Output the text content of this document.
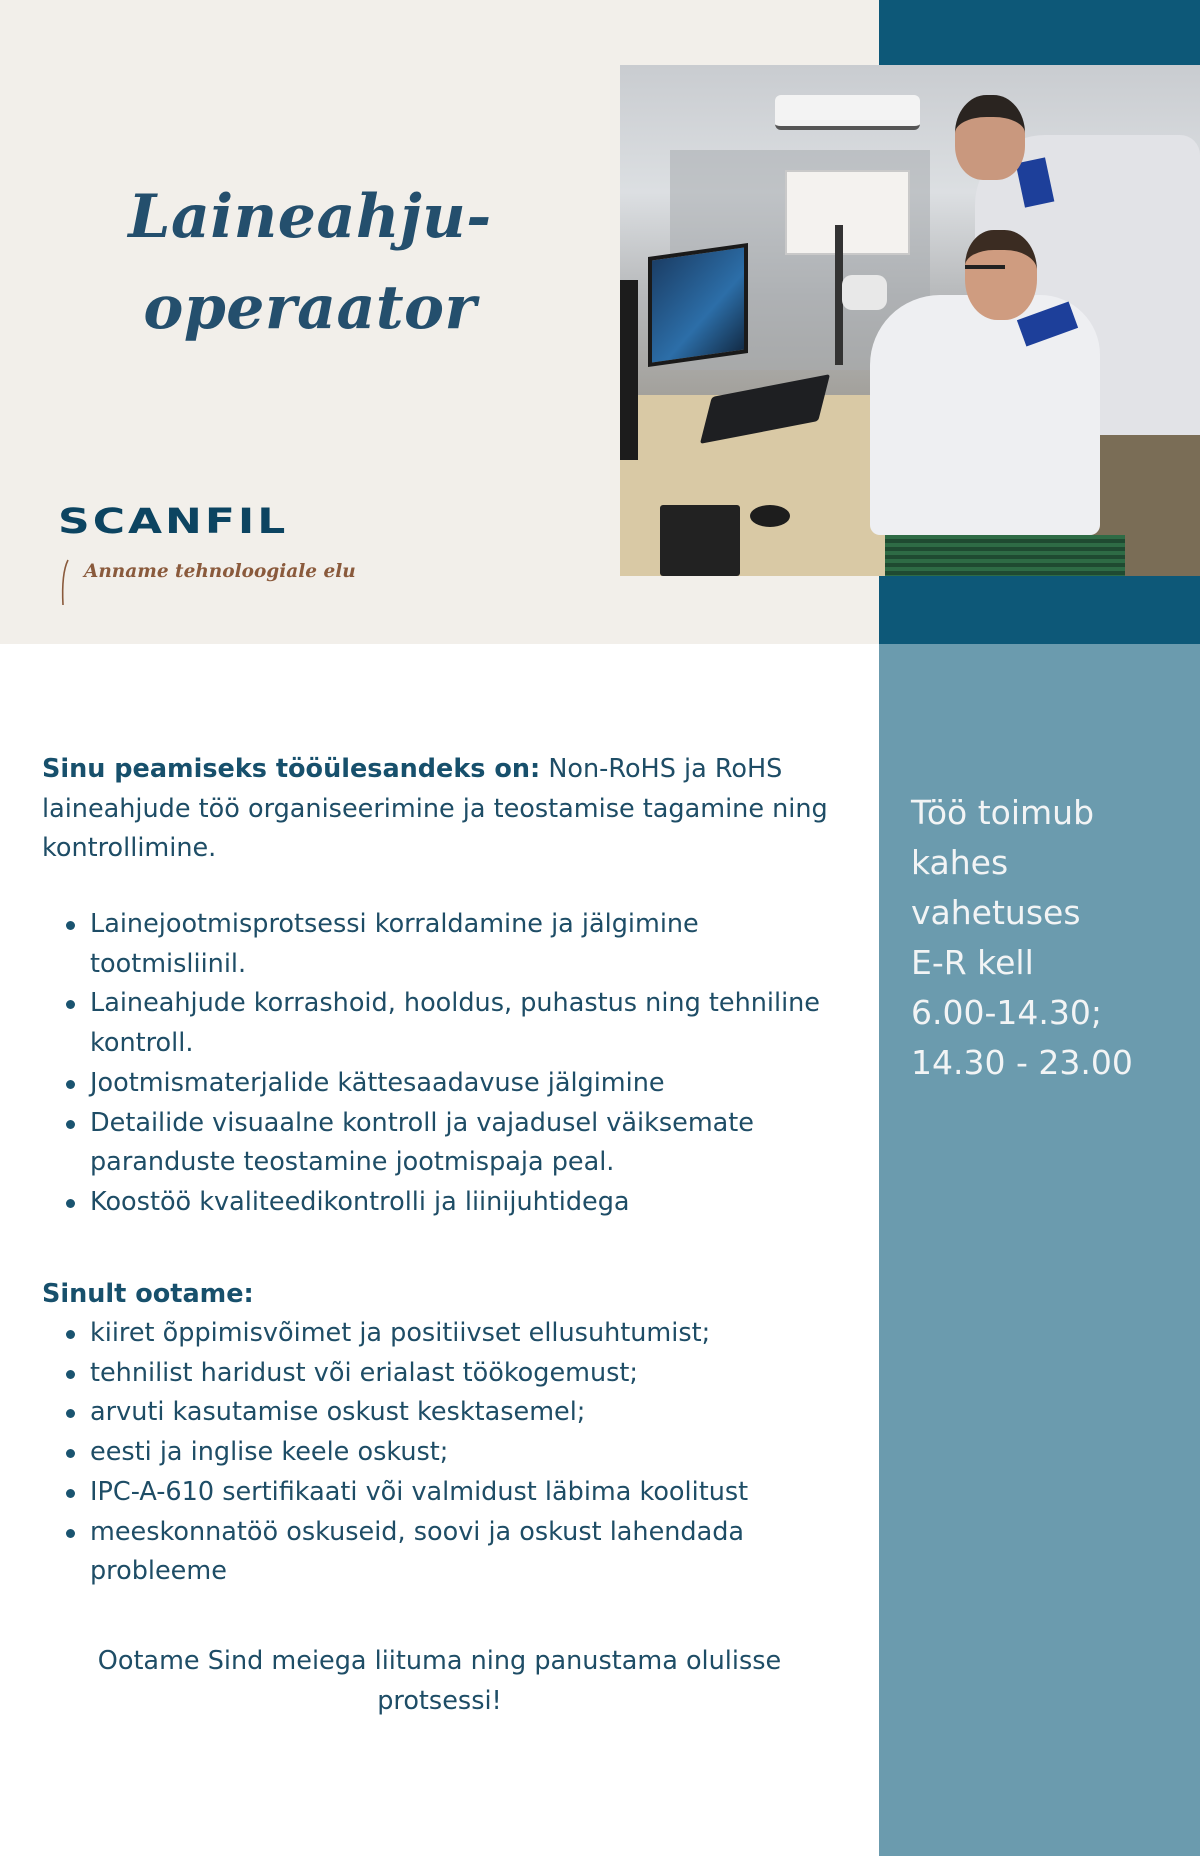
Laineahju-
operaator
SCANFIL
Anname tehnoloogiale elu

Sinu peamiseks tööülesandeks on: Non-RoHS ja RoHS laineahjude töö organiseerimine ja teostamise tagamine ning kontrollimine.

Lainejootmisprotsessi korraldamine ja jälgimine tootmisliinil.
Laineahjude korrashoid, hooldus, puhastus ning tehniline kontroll.
Jootmismaterjalide kättesaadavuse jälgimine
Detailide visuaalne kontroll ja vajadusel väiksemate paranduste teostamine jootmispaja peal.
Koostöö kvaliteedikontrolli ja liinijuhtidega
Sinult ootame:
kiiret õppimisvõimet ja positiivset ellusuhtumist;
tehnilist haridust või erialast töökogemust;
arvuti kasutamise oskust kesktasemel;
eesti ja inglise keele oskust;
IPC-A-610 sertifikaati või valmidust läbima koolitust
meeskonnatöö oskuseid, soovi ja oskust lahendada probleeme
Ootame Sind meiega liituma ning panustama olulisse
protsessi!
Töö toimub
kahes
vahetuses
E-R kell
6.00-14.30;
14.30 - 23.00
